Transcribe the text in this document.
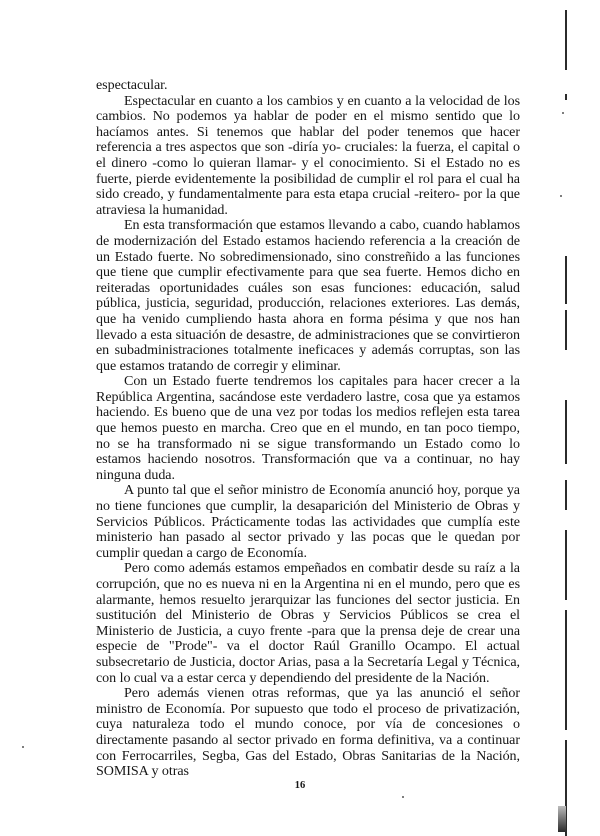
espectacular.

Espectacular en cuanto a los cambios y en cuanto a la velocidad de los cambios. No podemos ya hablar de poder en el mismo sentido que lo hacíamos antes. Si tenemos que hablar del poder tenemos que hacer referencia a tres aspectos que son -diría yo- cruciales: la fuerza, el capital o el dinero -como lo quieran llamar- y el conocimiento. Si el Estado no es fuerte, pierde evidentemente la posibilidad de cumplir el rol para el cual ha sido creado, y fundamentalmente para esta etapa crucial -reitero- por la que atraviesa la humanidad.

En esta transformación que estamos llevando a cabo, cuando hablamos de modernización del Estado estamos haciendo referencia a la creación de un Estado fuerte. No sobredimensionado, sino constreñido a las funciones que tiene que cumplir efectivamente para que sea fuerte. Hemos dicho en reiteradas oportunidades cuáles son esas funciones: educación, salud pública, justicia, seguridad, producción, relaciones exteriores. Las demás, que ha venido cumpliendo hasta ahora en forma pésima y que nos han llevado a esta situación de desastre, de administraciones que se convirtieron en subadministraciones totalmente ineficaces y además corruptas, son las que estamos tratando de corregir y eliminar.

Con un Estado fuerte tendremos los capitales para hacer crecer a la República Argentina, sacándose este verdadero lastre, cosa que ya estamos haciendo. Es bueno que de una vez por todas los medios reflejen esta tarea que hemos puesto en marcha. Creo que en el mundo, en tan poco tiempo, no se ha transformado ni se sigue transformando un Estado como lo estamos haciendo nosotros. Transformación que va a continuar, no hay ninguna duda.

A punto tal que el señor ministro de Economía anunció hoy, porque ya no tiene funciones que cumplir, la desaparición del Ministerio de Obras y Servicios Públicos. Prácticamente todas las actividades que cumplía este ministerio han pasado al sector privado y las pocas que le quedan por cumplir quedan a cargo de Economía.

Pero como además estamos empeñados en combatir desde su raíz a la corrupción, que no es nueva ni en la Argentina ni en el mundo, pero que es alarmante, hemos resuelto jerarquizar las funciones del sector justicia. En sustitución del Ministerio de Obras y Servicios Públicos se crea el Ministerio de Justicia, a cuyo frente -para que la prensa deje de crear una especie de "Prode"- va el doctor Raúl Granillo Ocampo. El actual subsecretario de Justicia, doctor Arias, pasa a la Secretaría Legal y Técnica, con lo cual va a estar cerca y dependiendo del presidente de la Nación.

Pero además vienen otras reformas, que ya las anunció el señor ministro de Economía. Por supuesto que todo el proceso de privatización, cuya naturaleza todo el mundo conoce, por vía de concesiones o directamente pasando al sector privado en forma definitiva, va a continuar con Ferrocarriles, Segba, Gas del Estado, Obras Sanitarias de la Nación, SOMISA y otras

16
